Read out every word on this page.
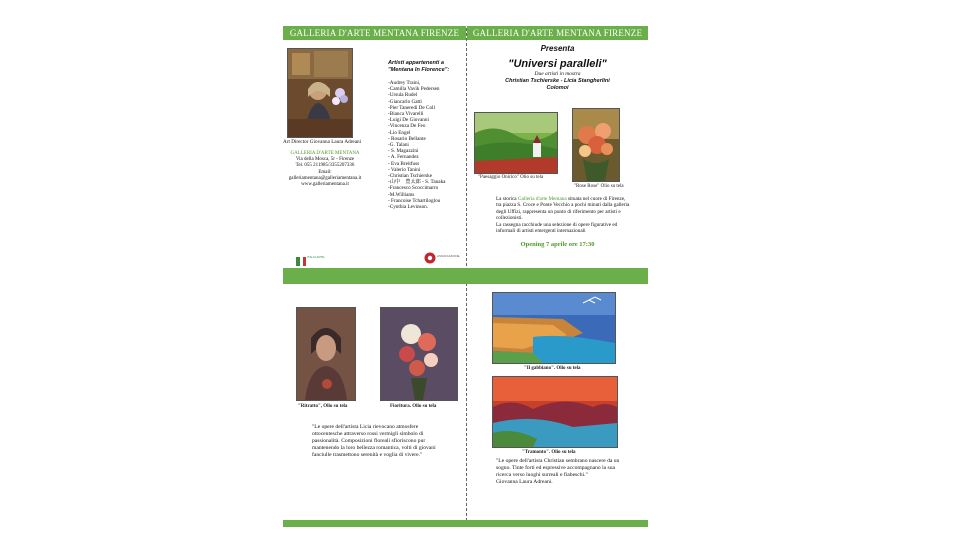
GALLERIA D'ARTE MENTANA FIRENZE GALLERIA D'ARTE MENTANA FIRENZE
Art Director Giovanna Laura Adreani
GALLERIA D'ARTE MENTANA
Via della Mosca, 5r - Firenze
Tel. 055 211985/3355207336
Email: galleriamentana@galleriamentana.it
www.galleriamentana.it
ITALIA ARTE	ASSOCIAZIONE
Artisti appartenenti a
"Mentana In Florence":
-Audrey Traini,
-Camilla Vavik Pedersen
-Ursula Rudel
-Giancarlo Gatti
-Pier Taneredi De Coll
-Bianca Vivarelli
-Luigi De Giovanni
-Vincenza De Feo
-Lio Engel
- Rosario Bellante
-G. Talani
- S. Magazzini
- A. Fernandez
- Eva Breitfuss
- Valerio Tanini
-Christian Tschierske
-山中　豊太郎 - S. Tanaka
-Francesco Scoccimarro
-M.Williams
- Francoise Tchartiloglou
-Cynthia Levinson.
Presenta
"Universi paralleli"
Due artisti in mostra
Christian Tschierske - Licia Stangherlini
Colomoi
"Paesaggio Onirico" Olio su tela
"Rose Rose" Olio su tela
La storica Galleria d'arte Mentana situata nel cuore di Firenze, tra piazza S. Croce e Ponte Vecchio a pochi minuti dalla galleria degli Uffizi, rappresenta un punto di riferimento per artisti e collezionisti.
La rassegna racchiude una selezione di opere figurative ed informali di artisti emergenti internazionali
Opening 7 aprile ore 17:30
"Ritratto", Olio su tela	Fioritura. Olio su tela
"Le opere dell'artista Licia rievocano atmosfere ottocentesche attraverso rossi vermigli simbolo di passionalità. Composizioni floreali sfioriscono pur mantenendo la loro bellezza romantica, volti di giovani fanciulle trasmettono serenità e voglia di vivere."
"Il gabbiano". Olio su tela
"Tramonto". Olio su tela
"Le opere dell'artista Christian sembrano nascere da un sogno. Tinte forti ed espressive accompagnano la sua ricerca verso luoghi surreali e fiabeschi."
Giovanna Laura Adreani.
